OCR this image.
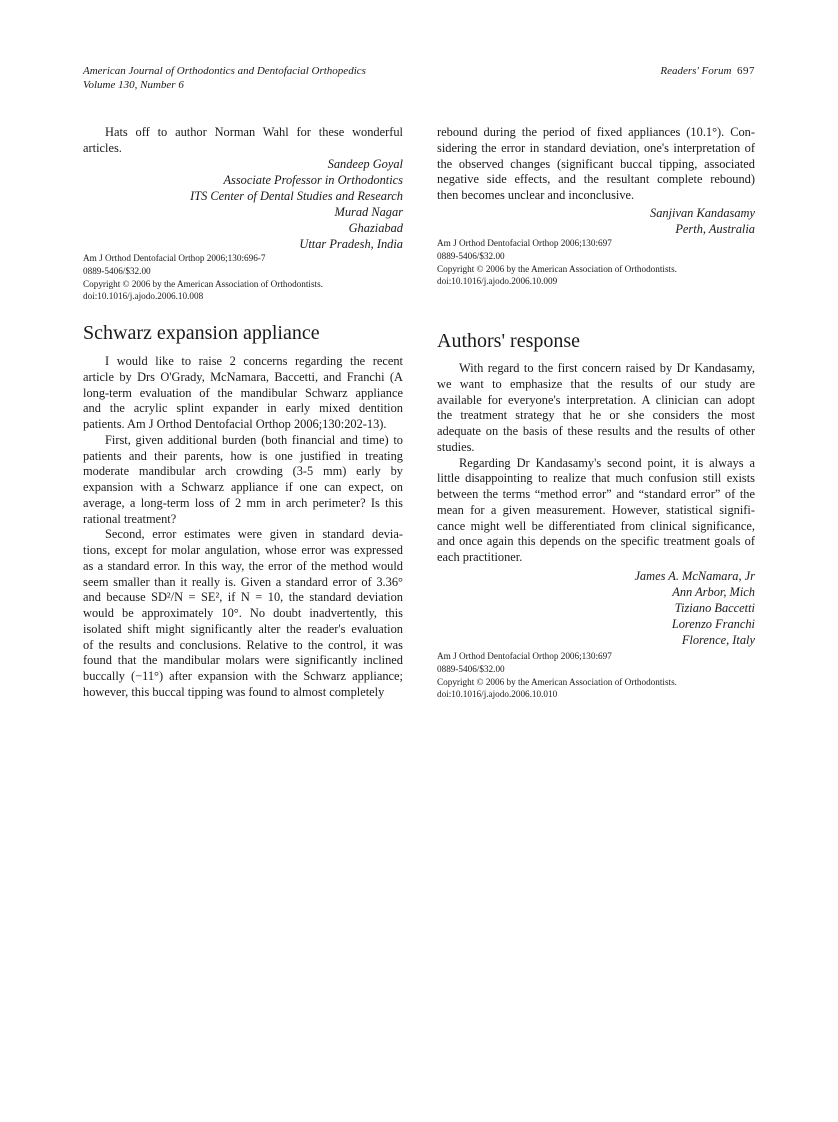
American Journal of Orthodontics and Dentofacial Orthopedics
Volume 130, Number 6
Readers' Forum 697
Hats off to author Norman Wahl for these wonderful
articles.
Sandeep Goyal
Associate Professor in Orthodontics
ITS Center of Dental Studies and Research
Murad Nagar
Ghaziabad
Uttar Pradesh, India
Am J Orthod Dentofacial Orthop 2006;130:696-7
0889-5406/$32.00
Copyright © 2006 by the American Association of Orthodontists.
doi:10.1016/j.ajodo.2006.10.008
Schwarz expansion appliance
I would like to raise 2 concerns regarding the recent
article by Drs O'Grady, McNamara, Baccetti, and Franchi (A
long-term evaluation of the mandibular Schwarz appliance
and the acrylic splint expander in early mixed dentition
patients. Am J Orthod Dentofacial Orthop 2006;130:202-13).
First, given additional burden (both financial and time) to
patients and their parents, how is one justified in treating
moderate mandibular arch crowding (3-5 mm) early by
expansion with a Schwarz appliance if one can expect, on
average, a long-term loss of 2 mm in arch perimeter? Is this
rational treatment?
Second, error estimates were given in standard devia-
tions, except for molar angulation, whose error was expressed
as a standard error. In this way, the error of the method would
seem smaller than it really is. Given a standard error of 3.36°
and because SD²/N = SE², if N = 10, the standard deviation
would be approximately 10°. No doubt inadvertently, this
isolated shift might significantly alter the reader's evaluation
of the results and conclusions. Relative to the control, it was
found that the mandibular molars were significantly inclined
buccally (−11°) after expansion with the Schwarz appliance;
however, this buccal tipping was found to almost completely
rebound during the period of fixed appliances (10.1°). Con-
sidering the error in standard deviation, one's interpretation of
the observed changes (significant buccal tipping, associated
negative side effects, and the resultant complete rebound)
then becomes unclear and inconclusive.
Sanjivan Kandasamy
Perth, Australia
Am J Orthod Dentofacial Orthop 2006;130:697
0889-5406/$32.00
Copyright © 2006 by the American Association of Orthodontists.
doi:10.1016/j.ajodo.2006.10.009
Authors' response
With regard to the first concern raised by Dr Kandasamy,
we want to emphasize that the results of our study are
available for everyone's interpretation. A clinician can adopt
the treatment strategy that he or she considers the most
adequate on the basis of these results and the results of other
studies.
Regarding Dr Kandasamy's second point, it is always a
little disappointing to realize that much confusion still exists
between the terms “method error” and “standard error” of the
mean for a given measurement. However, statistical signifi-
cance might well be differentiated from clinical significance,
and once again this depends on the specific treatment goals of
each practitioner.
James A. McNamara, Jr
Ann Arbor, Mich
Tiziano Baccetti
Lorenzo Franchi
Florence, Italy
Am J Orthod Dentofacial Orthop 2006;130:697
0889-5406/$32.00
Copyright © 2006 by the American Association of Orthodontists.
doi:10.1016/j.ajodo.2006.10.010
